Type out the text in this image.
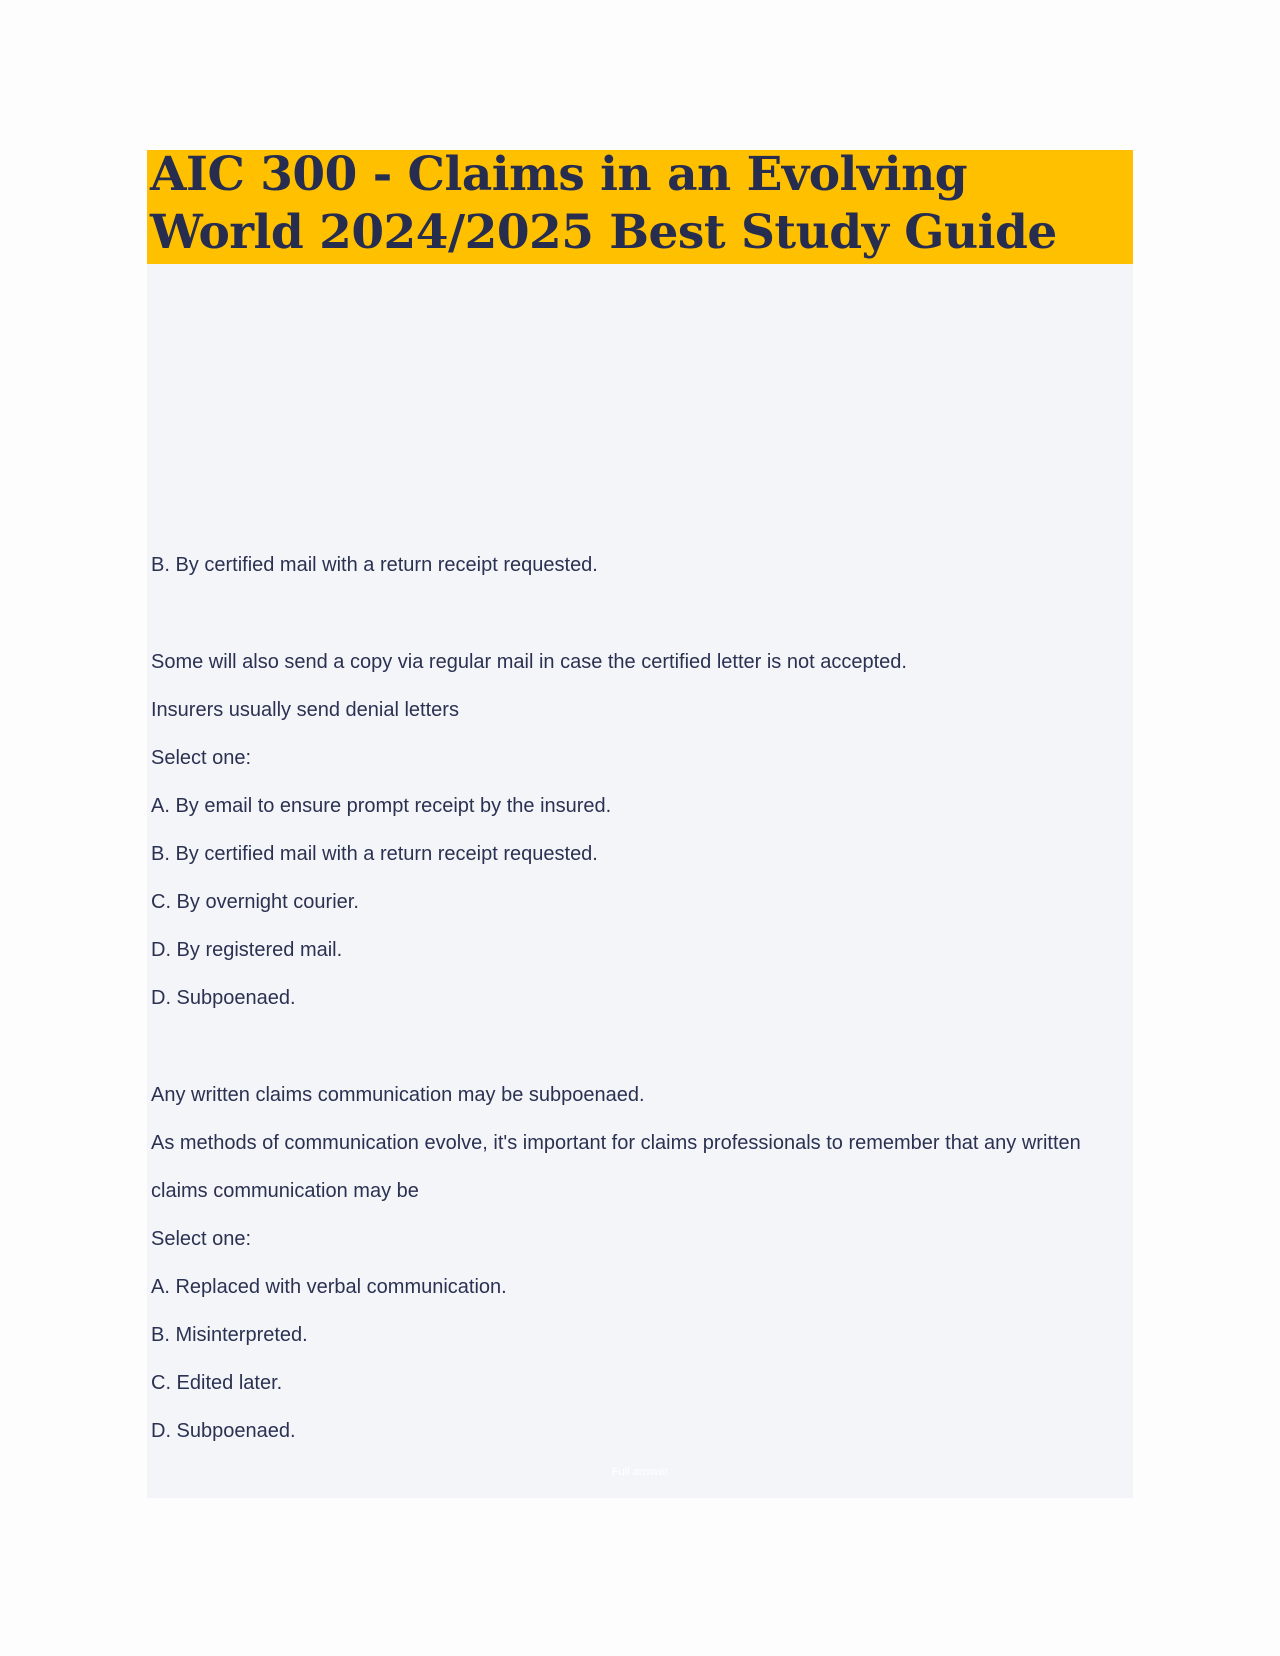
AIC 300 - Claims in an Evolving World 2024/2025 Best Study Guide

B. By certified mail with a return receipt requested.

Some will also send a copy via regular mail in case the certified letter is not accepted.

Insurers usually send denial letters

Select one:

A. By email to ensure prompt receipt by the insured.

B. By certified mail with a return receipt requested.

C. By overnight courier.

D. By registered mail.

D. Subpoenaed.

Any written claims communication may be subpoenaed.

As methods of communication evolve, it's important for claims professionals to remember that any written

claims communication may be

Select one:

A. Replaced with verbal communication.

B. Misinterpreted.

C. Edited later.

D. Subpoenaed.

Full answer
